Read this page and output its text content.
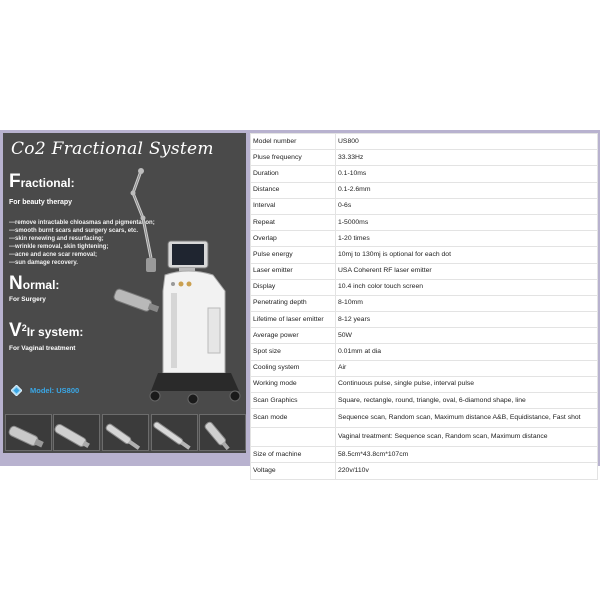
Co2 Fractional System
Fractional:
For beauty therapy
---remove intractable chloasmas and pigmentation;
---smooth burnt scars and surgery scars, etc.
---skin renewing and resurfacing;
---wrinkle removal, skin tightening;
---acne and acne scar removal;
---sun damage recovery.
Normal:
For Surgery
$V^2Ir$ system:
For Vaginal treatment
Model: US800
Model number	US800
Pluse frequency	33.33Hz
Duration	0.1-10ms
Distance	0.1-2.6mm
Interval	0-6s
Repeat	1-5000ms
Overlap	1-20 times
Pulse energy	10mj to 130mj is optional for each dot
Laser emitter	USA Coherent RF laser emitter
Display	10.4 inch color touch screen
Penetrating depth	8-10mm
Lifetime of laser emitter	8-12 years
Average power	50W
Spot size	0.01mm at dia
Cooling system	Air
Working mode	Continuous pulse, single pulse, interval pulse
Scan Graphics	Square, rectangle, round, triangle, oval, 6-diamond shape, line
Scan mode	Sequence scan, Random scan, Maximum distance A&B, Equidistance, Fast shot
	Vaginal treatment: Sequence scan, Random scan, Maximum distance
Size of machine	58.5cm*43.8cm*107cm
Voltage	220v/110v
